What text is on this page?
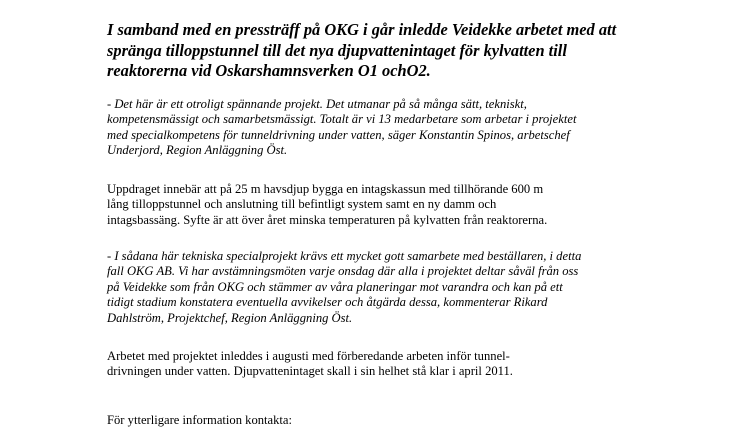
I samband med en pressträff på OKG i går inledde Veidekke arbetet med att
spränga tilloppstunnel till det nya djupvattenintaget för kylvatten till
reaktorerna vid Oskarshamnsverken O1 ochO2.

- Det här är ett otroligt spännande projekt. Det utmanar på så många sätt, tekniskt,
kompetensmässigt och samarbetsmässigt. Totalt är vi 13 medarbetare som arbetar i projektet
med specialkompetens för tunneldrivning under vatten, säger Konstantin Spinos, arbetschef
Underjord, Region Anläggning Öst.

Uppdraget innebär att på 25 m havsdjup bygga en intagskassun med tillhörande 600 m
lång tilloppstunnel och anslutning till befintligt system samt en ny damm och
intagsbassäng. Syfte är att över året minska temperaturen på kylvatten från reaktorerna.

- I sådana här tekniska specialprojekt krävs ett mycket gott samarbete med beställaren, i detta
fall OKG AB. Vi har avstämningsmöten varje onsdag där alla i projektet deltar såväl från oss
på Veidekke som från OKG och stämmer av våra planeringar mot varandra och kan på ett
tidigt stadium konstatera eventuella avvikelser och åtgärda dessa, kommenterar Rikard
Dahlström, Projektchef, Region Anläggning Öst.

Arbetet med projektet inleddes i augusti med förberedande arbeten inför tunnel-
drivningen under vatten. Djupvattenintaget skall i sin helhet stå klar i april 2011.

För ytterligare information kontakta:
